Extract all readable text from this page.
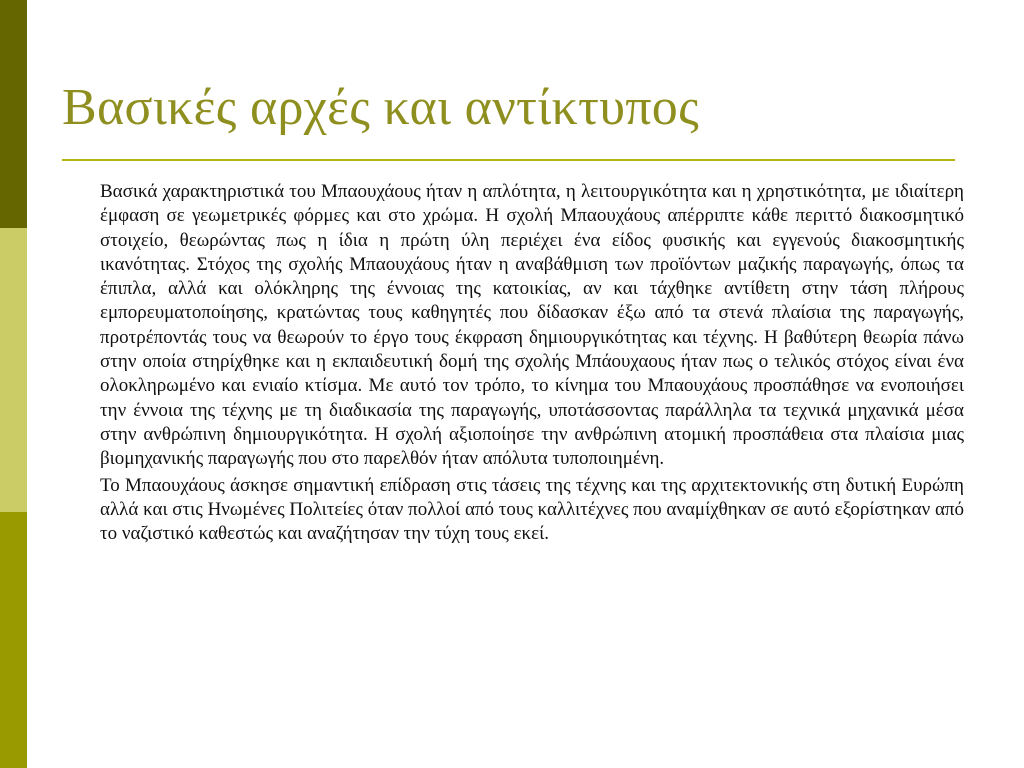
Βασικές αρχές και αντίκτυπος

Βασικά χαρακτηριστικά του Μπαουχάους ήταν η απλότητα, η λειτουργικότητα και η χρηστικότητα, με ιδιαίτερη έμφαση σε γεωμετρικές φόρμες και στο χρώμα. Η σχολή Μπαουχάους απέρριπτε κάθε περιττό διακοσμητικό στοιχείο, θεωρώντας πως η ίδια η πρώτη ύλη περιέχει ένα είδος φυσικής και εγγενούς διακοσμητικής ικανότητας. Στόχος της σχολής Μπαουχάους ήταν η αναβάθμιση των προϊόντων μαζικής παραγωγής, όπως τα έπιπλα, αλλά και ολόκληρης της έννοιας της κατοικίας, αν και τάχθηκε αντίθετη στην τάση πλήρους εμπορευματοποίησης, κρατώντας τους καθηγητές που δίδασκαν έξω από τα στενά πλαίσια της παραγωγής, προτρέποντάς τους να θεωρούν το έργο τους έκφραση δημιουργικότητας και τέχνης. Η βαθύτερη θεωρία πάνω στην οποία στηρίχθηκε και η εκπαιδευτική δομή της σχολής Μπάουχαους ήταν πως ο τελικός στόχος είναι ένα ολοκληρωμένο και ενιαίο κτίσμα. Με αυτό τον τρόπο, το κίνημα του Μπαουχάους προσπάθησε να ενοποιήσει την έννοια της τέχνης με τη διαδικασία της παραγωγής, υποτάσσοντας παράλληλα τα τεχνικά μηχανικά μέσα στην ανθρώπινη δημιουργικότητα. Η σχολή αξιοποίησε την ανθρώπινη ατομική προσπάθεια στα πλαίσια μιας βιομηχανικής παραγωγής που στο παρελθόν ήταν απόλυτα τυποποιημένη.

Το Μπαουχάους άσκησε σημαντική επίδραση στις τάσεις της τέχνης και της αρχιτεκτονικής στη δυτική Ευρώπη αλλά και στις Ηνωμένες Πολιτείες όταν πολλοί από τους καλλιτέχνες που αναμίχθηκαν σε αυτό εξορίστηκαν από το ναζιστικό καθεστώς και αναζήτησαν την τύχη τους εκεί.
